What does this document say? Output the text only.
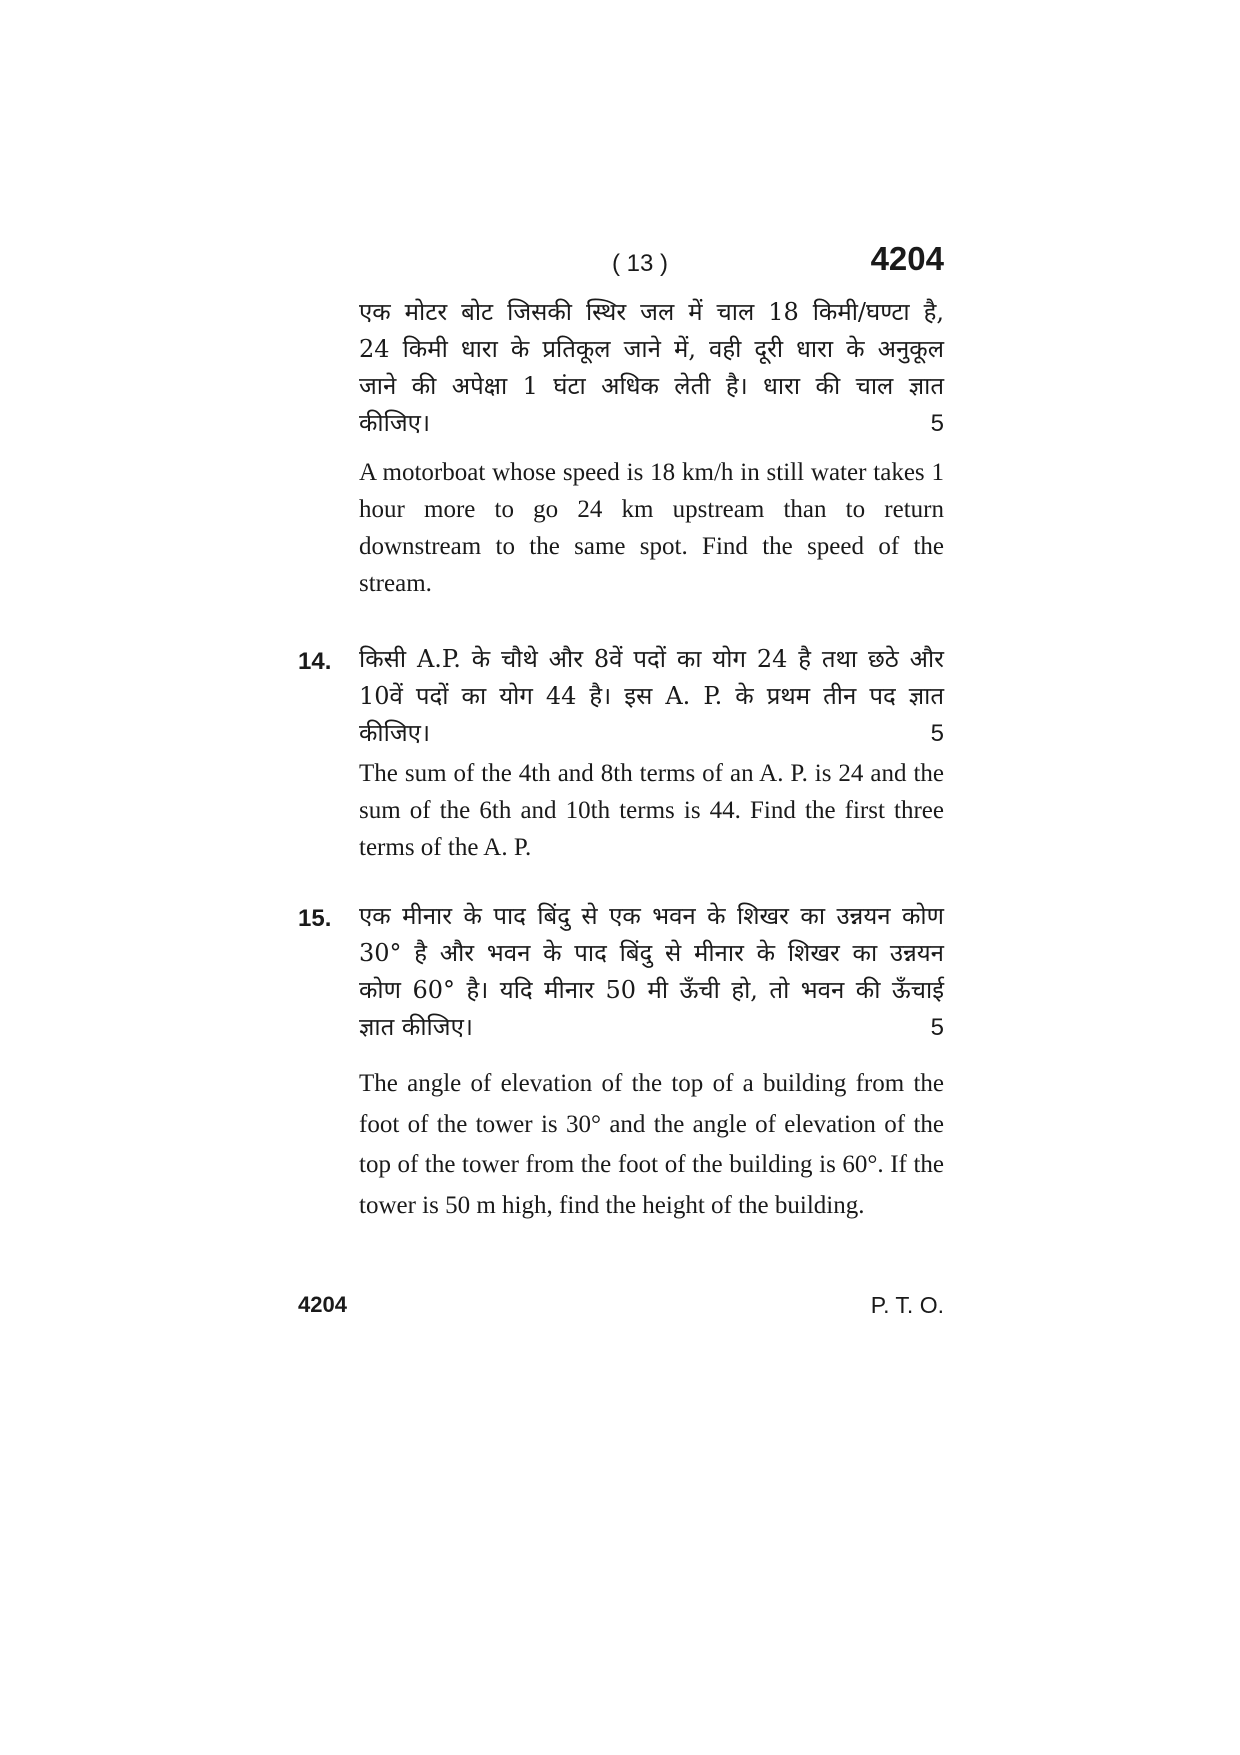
( 13 )	4204
एक मोटर बोट जिसकी स्थिर जल में चाल 18 किमी/घण्टा है,
24 किमी धारा के प्रतिकूल जाने में, वही दूरी धारा के अनुकूल
जाने की अपेक्षा 1 घंटा अधिक लेती है। धारा की चाल ज्ञात
कीजिए।	5
A motorboat whose speed is 18 km/h in still water takes 1 hour more to go 24 km upstream than to return downstream to the same spot. Find the speed of the stream.
14. किसी A.P. के चौथे और 8वें पदों का योग 24 है तथा छठे और
10वें पदों का योग 44 है। इस A. P. के प्रथम तीन पद ज्ञात
कीजिए।	5
The sum of the 4th and 8th terms of an A. P. is 24 and the sum of the 6th and 10th terms is 44. Find the first three terms of the A. P.
15. एक मीनार के पाद बिंदु से एक भवन के शिखर का उन्नयन कोण
30° है और भवन के पाद बिंदु से मीनार के शिखर का उन्नयन
कोण 60° है। यदि मीनार 50 मी ऊँची हो, तो भवन की ऊँचाई
ज्ञात कीजिए।	5
The angle of elevation of the top of a building from the foot of the tower is 30° and the angle of elevation of the top of the tower from the foot of the building is 60°. If the tower is 50 m high, find the height of the building.
4204	P. T. O.
